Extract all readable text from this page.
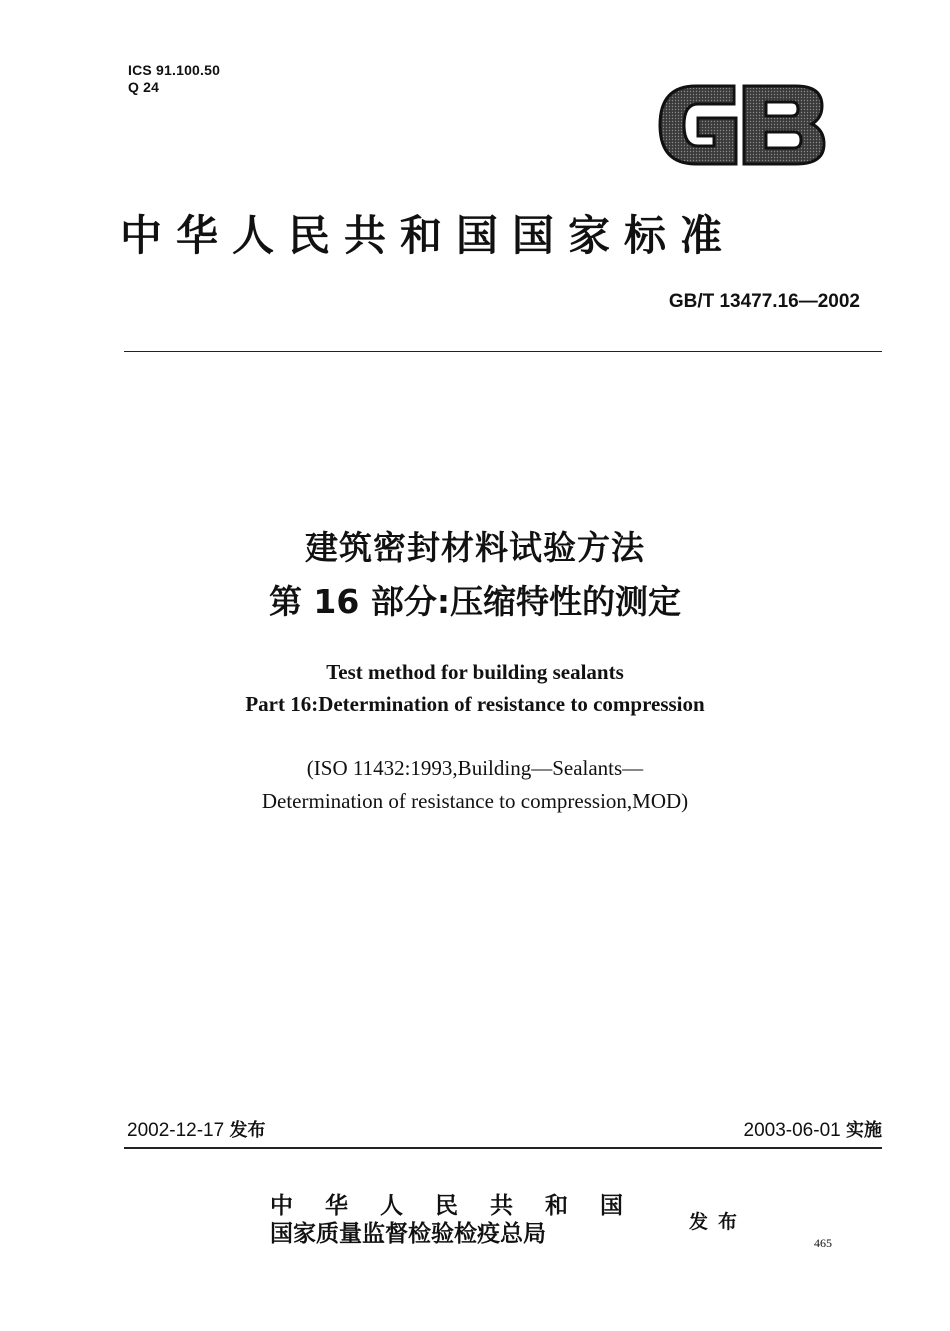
ICS 91.100.50
Q 24
中华人民共和国国家标准
GB/T 13477.16—2002
建筑密封材料试验方法
第 16 部分:压缩特性的测定
Test method for building sealants
Part 16:Determination of resistance to compression
(ISO 11432:1993,Building—Sealants—
Determination of resistance to compression,MOD)
2002-12-17 发布	2003-06-01 实施
中华人民共和国
国家质量监督检验检疫总局	发布
465
